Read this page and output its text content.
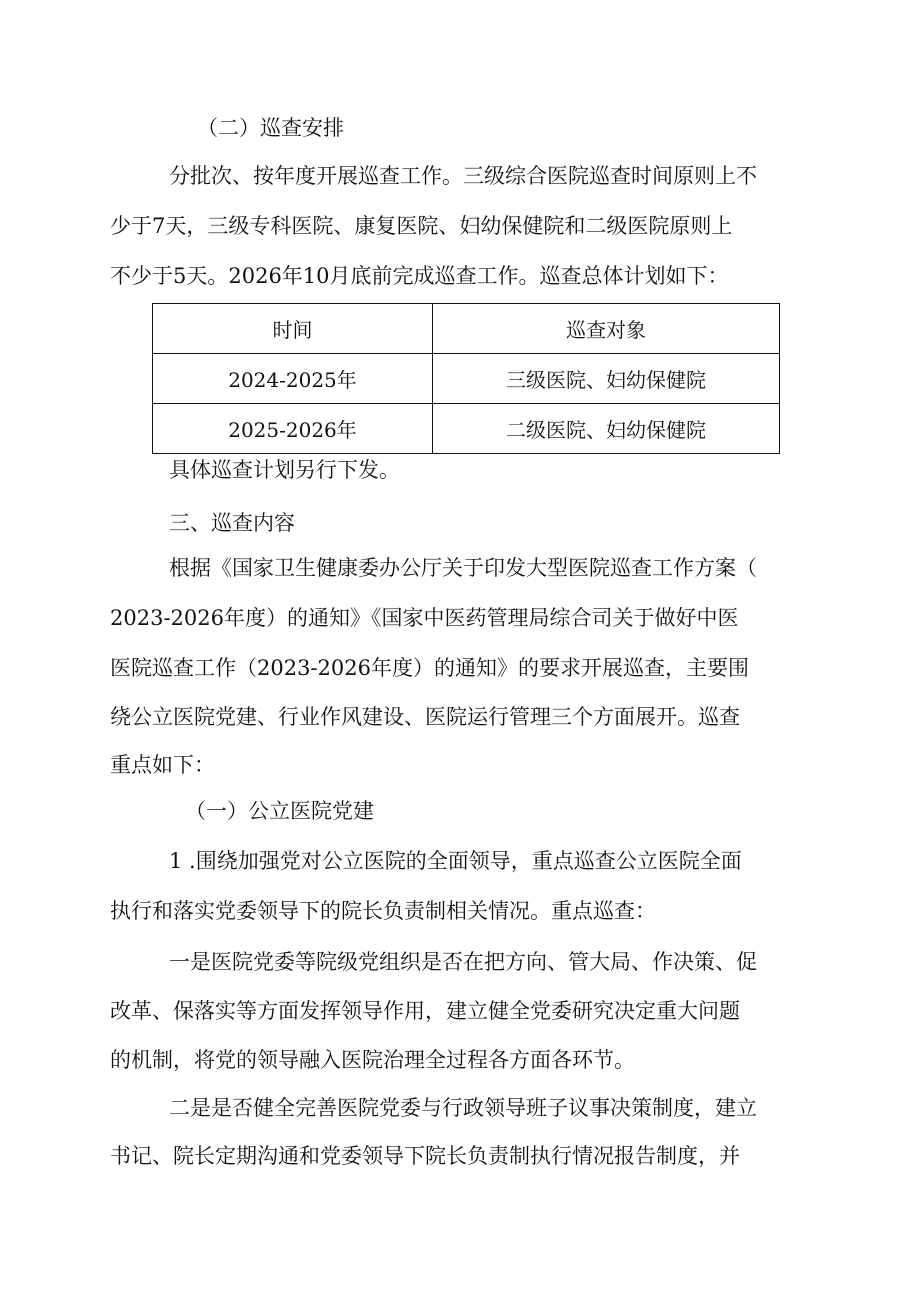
（二）巡查安排
分批次、按年度开展巡查工作。三级综合医院巡查时间原则上不
少于7天，三级专科医院、康复医院、妇幼保健院和二级医院原则上
不少于5天。2026年10月底前完成巡查工作。巡查总体计划如下：
时间	巡查对象
2024-2025年	三级医院、妇幼保健院
2025-2026年	二级医院、妇幼保健院
具体巡查计划另行下发。
三、巡查内容
根据《国家卫生健康委办公厅关于印发大型医院巡查工作方案（
2023-2026年度）的通知》《国家中医药管理局综合司关于做好中医
医院巡查工作（2023-2026年度）的通知》的要求开展巡查，主要围
绕公立医院党建、行业作风建设、医院运行管理三个方面展开。巡查
重点如下：
（一）公立医院党建
1 .围绕加强党对公立医院的全面领导，重点巡查公立医院全面
执行和落实党委领导下的院长负责制相关情况。重点巡查：
一是医院党委等院级党组织是否在把方向、管大局、作决策、促
改革、保落实等方面发挥领导作用，建立健全党委研究决定重大问题
的机制，将党的领导融入医院治理全过程各方面各环节。
二是是否健全完善医院党委与行政领导班子议事决策制度，建立
书记、院长定期沟通和党委领导下院长负责制执行情况报告制度，并
